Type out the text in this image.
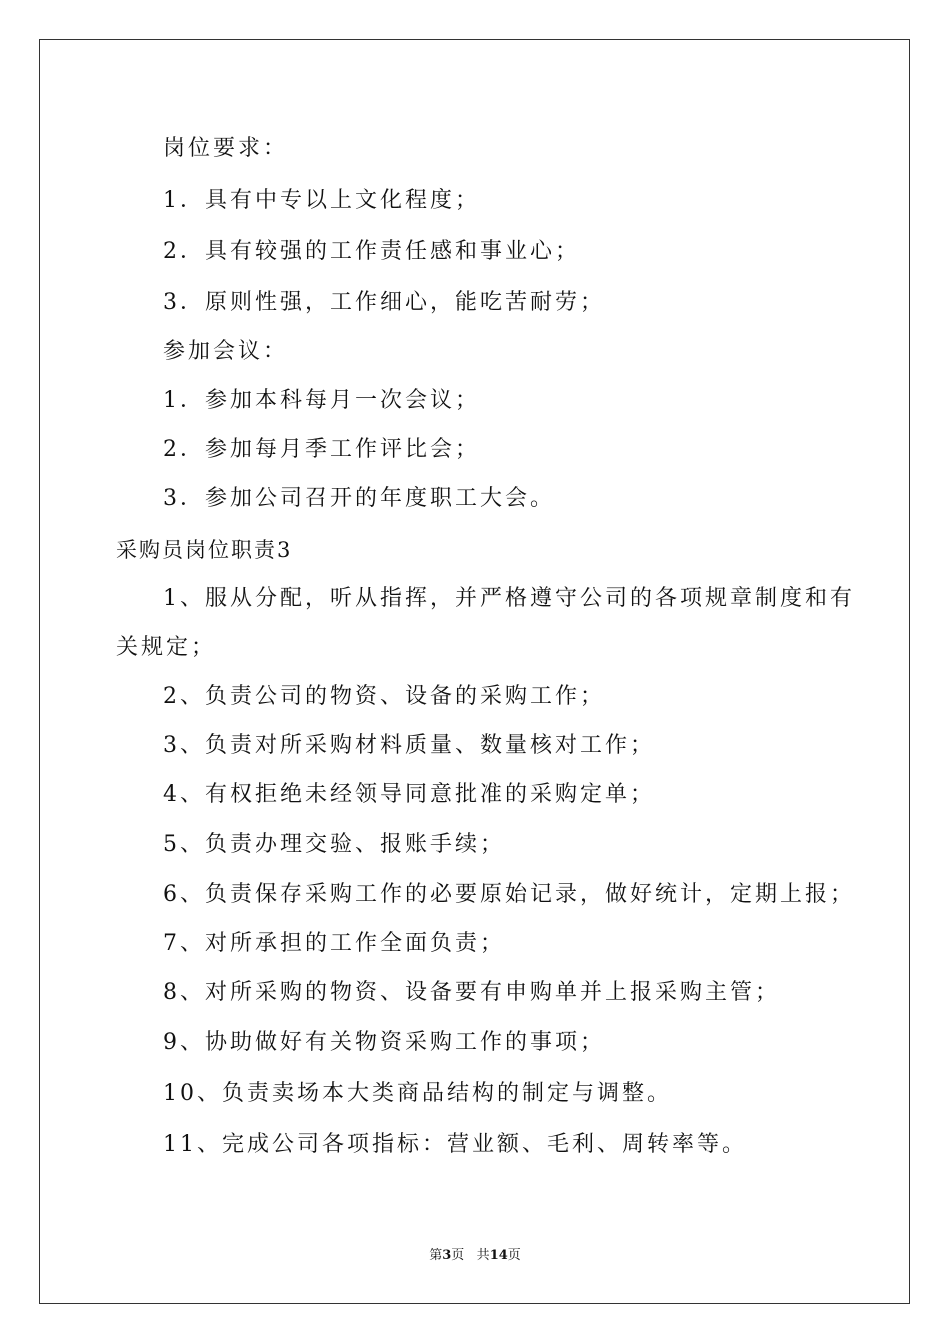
岗位要求：
1．具有中专以上文化程度；
2．具有较强的工作责任感和事业心；
3．原则性强，工作细心，能吃苦耐劳；
参加会议：
1．参加本科每月一次会议；
2．参加每月季工作评比会；
3．参加公司召开的年度职工大会。
采购员岗位职责3
1、服从分配，听从指挥，并严格遵守公司的各项规章制度和有
关规定；
2、负责公司的物资、设备的采购工作；
3、负责对所采购材料质量、数量核对工作；
4、有权拒绝未经领导同意批准的采购定单；
5、负责办理交验、报账手续；
6、负责保存采购工作的必要原始记录，做好统计，定期上报；
7、对所承担的工作全面负责；
8、对所采购的物资、设备要有申购单并上报采购主管；
9、协助做好有关物资采购工作的事项；
10、负责卖场本大类商品结构的制定与调整。
11、完成公司各项指标：营业额、毛利、周转率等。
第3页 共14页
